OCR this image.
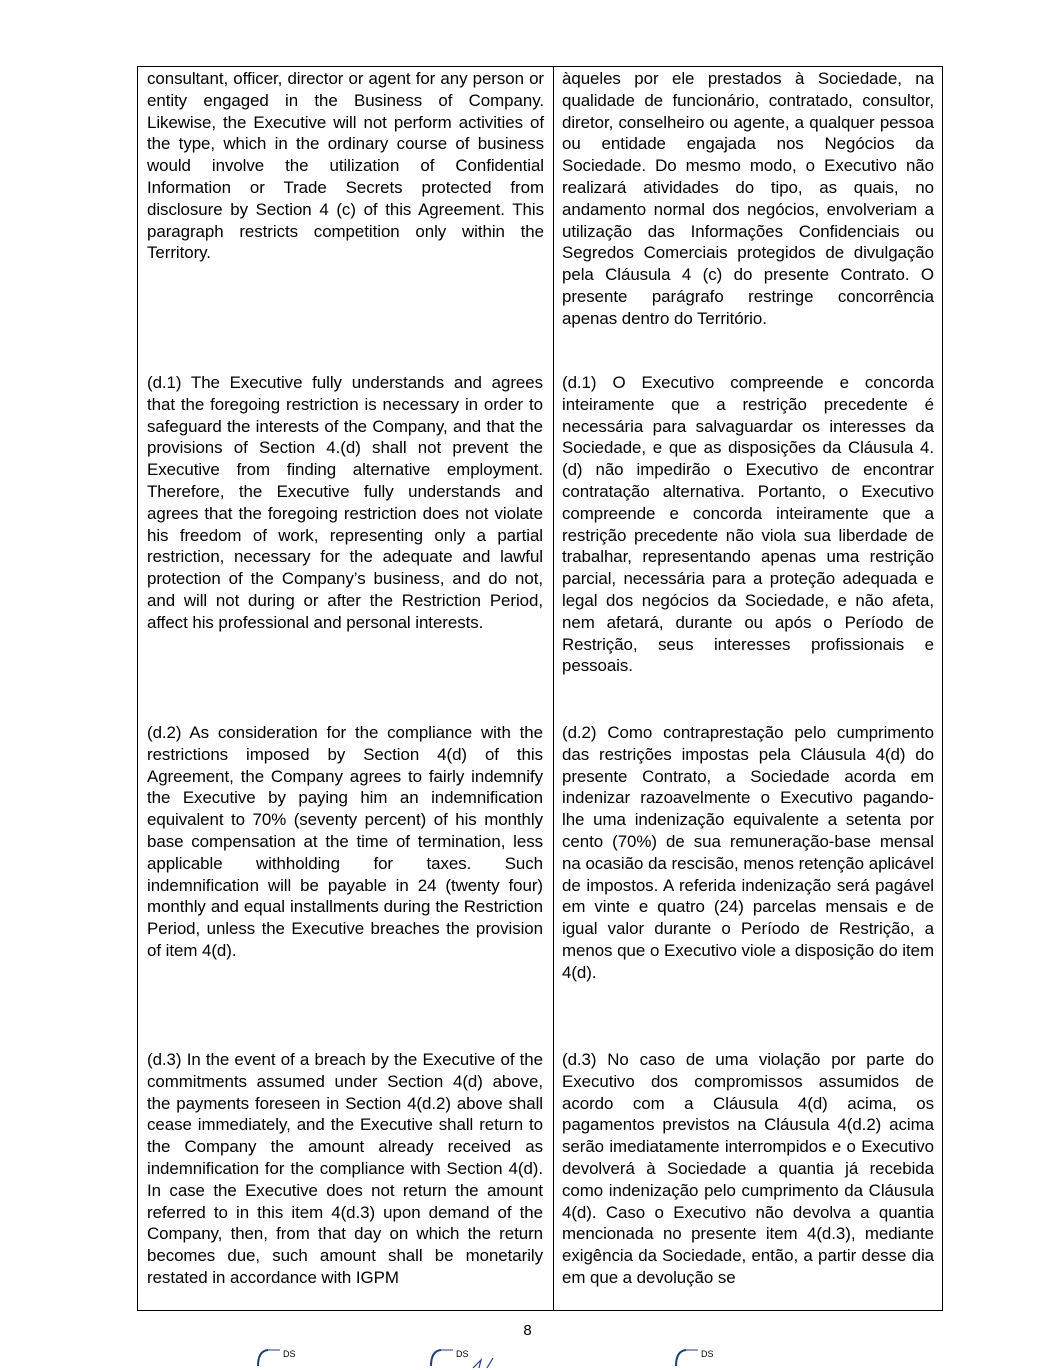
consultant, officer, director or agent for any person or entity engaged in the Business of Company. Likewise, the Executive will not perform activities of the type, which in the ordinary course of business would involve the utilization of Confidential Information or Trade Secrets protected from disclosure by Section 4 (c) of this Agreement. This paragraph restricts competition only within the Territory.

(d.1) The Executive fully understands and agrees that the foregoing restriction is necessary in order to safeguard the interests of the Company, and that the provisions of Section 4.(d) shall not prevent the Executive from finding alternative employment. Therefore, the Executive fully understands and agrees that the foregoing restriction does not violate his freedom of work, representing only a partial restriction, necessary for the adequate and lawful protection of the Company’s business, and do not, and will not during or after the Restriction Period, affect his professional and personal interests.

(d.2) As consideration for the compliance with the restrictions imposed by Section 4(d) of this Agreement, the Company agrees to fairly indemnify the Executive by paying him an indemnification equivalent to 70% (seventy percent) of his monthly base compensation at the time of termination, less applicable withholding for taxes. Such indemnification will be payable in 24 (twenty four) monthly and equal installments during the Restriction Period, unless the Executive breaches the provision of item 4(d).

(d.3) In the event of a breach by the Executive of the commitments assumed under Section 4(d) above, the payments foreseen in Section 4(d.2) above shall cease immediately, and the Executive shall return to the Company the amount already received as indemnification for the compliance with Section 4(d). In case the Executive does not return the amount referred to in this item 4(d.3) upon demand of the Company, then, from that day on which the return becomes due, such amount shall be monetarily restated in accordance with IGPM

àqueles por ele prestados à Sociedade, na qualidade de funcionário, contratado, consultor, diretor, conselheiro ou agente, a qualquer pessoa ou entidade engajada nos Negócios da Sociedade. Do mesmo modo, o Executivo não realizará atividades do tipo, as quais, no andamento normal dos negócios, envolveriam a utilização das Informações Confidenciais ou Segredos Comerciais protegidos de divulgação pela Cláusula 4 (c) do presente Contrato. O presente parágrafo restringe concorrência apenas dentro do Território.

(d.1) O Executivo compreende e concorda inteiramente que a restrição precedente é necessária para salvaguardar os interesses da Sociedade, e que as disposições da Cláusula 4.(d) não impedirão o Executivo de encontrar contratação alternativa. Portanto, o Executivo compreende e concorda inteiramente que a restrição precedente não viola sua liberdade de trabalhar, representando apenas uma restrição parcial, necessária para a proteção adequada e legal dos negócios da Sociedade, e não afeta, nem afetará, durante ou após o Período de Restrição, seus interesses profissionais e pessoais.

(d.2) Como contraprestação pelo cumprimento das restrições impostas pela Cláusula 4(d) do presente Contrato, a Sociedade acorda em indenizar razoavelmente o Executivo pagando-lhe uma indenização equivalente a setenta por cento (70%) de sua remuneração-base mensal na ocasião da rescisão, menos retenção aplicável de impostos. A referida indenização será pagável em vinte e quatro (24) parcelas mensais e de igual valor durante o Período de Restrição, a menos que o Executivo viole a disposição do item 4(d).

(d.3) No caso de uma violação por parte do Executivo dos compromissos assumidos de acordo com a Cláusula 4(d) acima, os pagamentos previstos na Cláusula 4(d.2) acima serão imediatamente interrompidos e o Executivo devolverá à Sociedade a quantia já recebida como indenização pelo cumprimento da Cláusula 4(d). Caso o Executivo não devolva a quantia mencionada no presente item 4(d.3), mediante exigência da Sociedade, então, a partir desse dia em que a devolução se

8
DS	DS	DS
